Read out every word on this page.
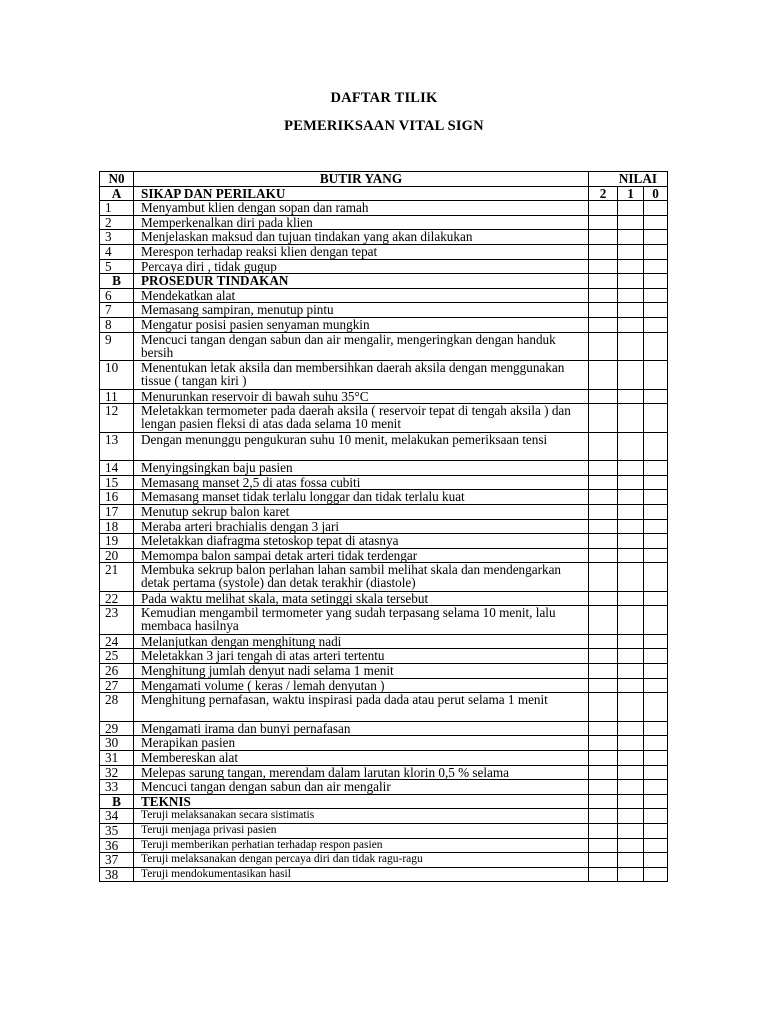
DAFTAR TILIK
PEMERIKSAAN VITAL SIGN
N0	BUTIR YANG	NILAI		
A	SIKAP DAN PERILAKU	2	1	0
1	Menyambut klien dengan sopan dan ramah			
2	Memperkenalkan diri pada klien			
3	Menjelaskan maksud dan tujuan tindakan yang akan dilakukan			
4	Merespon terhadap reaksi klien dengan tepat			
5	Percaya diri , tidak gugup			
B	PROSEDUR TINDAKAN			
6	Mendekatkan alat			
7	Memasang sampiran, menutup pintu			
8	Mengatur posisi pasien senyaman mungkin			
9	Mencuci tangan dengan sabun dan air mengalir, mengeringkan dengan handuk bersih			
10	Menentukan letak aksila dan membersihkan daerah aksila dengan menggunakan tissue ( tangan kiri )			
11	Menurunkan reservoir di bawah suhu 35°C			
12	Meletakkan termometer pada daerah aksila ( reservoir tepat di tengah aksila ) dan lengan pasien fleksi di atas dada selama 10 menit			
13	Dengan menunggu pengukuran suhu 10 menit, melakukan pemeriksaan tensi			
14	Menyingsingkan baju pasien			
15	Memasang manset 2,5 di atas fossa cubiti			
16	Memasang manset tidak terlalu longgar dan tidak terlalu kuat			
17	Menutup sekrup balon karet			
18	Meraba arteri brachialis dengan 3 jari			
19	Meletakkan diafragma stetoskop tepat di atasnya			
20	Memompa balon sampai detak arteri tidak terdengar			
21	Membuka sekrup balon perlahan lahan sambil melihat skala dan mendengarkan detak pertama (systole) dan detak terakhir (diastole)			
22	Pada waktu melihat skala, mata setinggi skala tersebut			
23	Kemudian mengambil termometer yang sudah terpasang selama 10 menit, lalu membaca hasilnya			
24	Melanjutkan dengan menghitung nadi			
25	Meletakkan 3 jari tengah di atas arteri tertentu			
26	Menghitung jumlah denyut nadi selama 1 menit			
27	Mengamati volume ( keras / lemah denyutan )			
28	Menghitung pernafasan, waktu inspirasi pada dada atau perut selama 1 menit			
29	Mengamati irama dan bunyi pernafasan			
30	Merapikan pasien			
31	Membereskan alat			
32	Melepas sarung tangan, merendam dalam larutan klorin 0,5 % selama			
33	Mencuci tangan dengan sabun dan air mengalir			
B	TEKNIS			
34	Teruji melaksanakan secara sistimatis			
35	Teruji menjaga privasi pasien			
36	Teruji memberikan perhatian terhadap respon pasien			
37	Teruji melaksanakan dengan percaya diri dan tidak ragu-ragu			
38	Teruji mendokumentasikan hasil			
